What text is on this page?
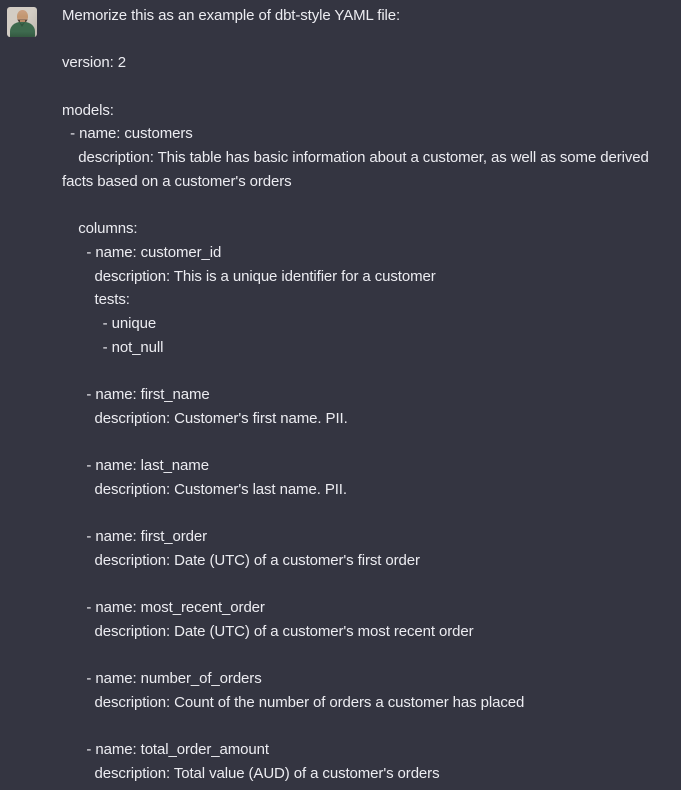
Memorize this as an example of dbt-style YAML file:
version: 2
models:
- name: customers
description: This table has basic information about a customer, as well as some derived
facts based on a customer's orders
columns:
- name: customer_id
description: This is a unique identifier for a customer
tests:
- unique
- not_null
- name: first_name
description: Customer's first name. PII.
- name: last_name
description: Customer's last name. PII.
- name: first_order
description: Date (UTC) of a customer's first order
- name: most_recent_order
description: Date (UTC) of a customer's most recent order
- name: number_of_orders
description: Count of the number of orders a customer has placed
- name: total_order_amount
description: Total value (AUD) of a customer's orders
